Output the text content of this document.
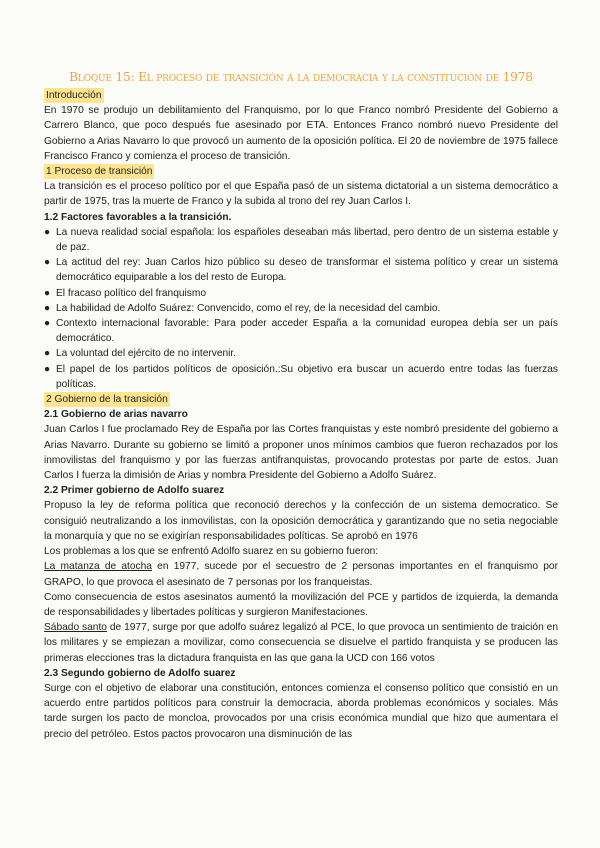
Bloque 15: El proceso de transición a la democracia y la constitución de 1978
Introducción

En 1970 se produjo un debilitamiento del Franquismo, por lo que Franco nombró Presidente del Gobierno a Carrero Blanco, que poco después fue asesinado por ETA. Entonces Franco nombró nuevo Presidente del Gobierno a Arias Navarro lo que provocó un aumento de la oposición política. El 20 de noviembre de 1975 fallece Francisco Franco y comienza el proceso de transición.

1 Proceso de transición

La transición es el proceso político por el que España pasó de un sistema dictatorial a un sistema democrático a partir de 1975, tras la muerte de Franco y la subida al trono del rey Juan Carlos I.

1.2 Factores favorables a la transición.
● La nueva realidad social española: los españoles deseaban más libertad, pero dentro de un sistema estable y de paz.
● La actitud del rey: Juan Carlos hizo público su deseo de transformar el sistema político y crear un sistema democrático equiparable a los del resto de Europa.
● El fracaso político del franquismo
● La habilidad de Adolfo Suárez: Convencido, como el rey, de la necesidad del cambio.
● Contexto internacional favorable: Para poder acceder España a la comunidad europea debía ser un país democrático.
● La voluntad del ejército de no intervenir.
● El papel de los partidos políticos de oposición.:Su objetivo era buscar un acuerdo entre todas las fuerzas políticas.
2 Gobierno de la transición
2.1 Gobierno de arias navarro

Juan Carlos I fue proclamado Rey de España por las Cortes franquistas y este nombró presidente del gobierno a Arias Navarro. Durante su gobierno se limitó a proponer unos mínimos cambios que fueron rechazados por los inmovilistas del franquismo y por las fuerzas antifranquistas, provocando protestas por parte de estos. Juan Carlos I fuerza la dimisión de Arias y nombra Presidente del Gobierno a Adolfo Suárez.

2.2 Primer gobierno de Adolfo suarez

Propuso la ley de reforma política que reconoció derechos y la confección de un sistema democratico. Se consiguió neutralizando a los inmovilistas, con la oposición democrática y garantizando que no setia negociable la monarquía y que no se exigirían responsabilidades políticas. Se aprobó en 1976

Los problemas a los que se enfrentó Adolfo suarez en su gobierno fueron:

La matanza de atocha en 1977, sucede por el secuestro de 2 personas importantes en el franquismo por GRAPO, lo que provoca el asesinato de 7 personas por los franqueistas.

Como consecuencia de estos asesinatos aumentó la movilización del PCE y partidos de izquierda, la demanda de responsabilidades y libertades políticas y surgieron Manifestaciones.

Sábado santo de 1977, surge por que adolfo suárez legalizó al PCE, lo que provoca un sentimiento de traición en los militares y se empiezan a movilizar, como consecuencia se disuelve el partido franquista y se producen las primeras elecciones tras la dictadura franquista en las que gana la UCD con 166 votos

2.3 Segundo gobierno de Adolfo suarez

Surge con el objetivo de elaborar una constitución, entonces comienza el consenso político que consistió en un acuerdo entre partidos políticos para construir la democracia, aborda problemas económicos y sociales. Más tarde surgen los pacto de moncloa, provocados por una crisis económica mundial que hizo que aumentara el precio del petróleo. Estos pactos provocaron una disminución de las
